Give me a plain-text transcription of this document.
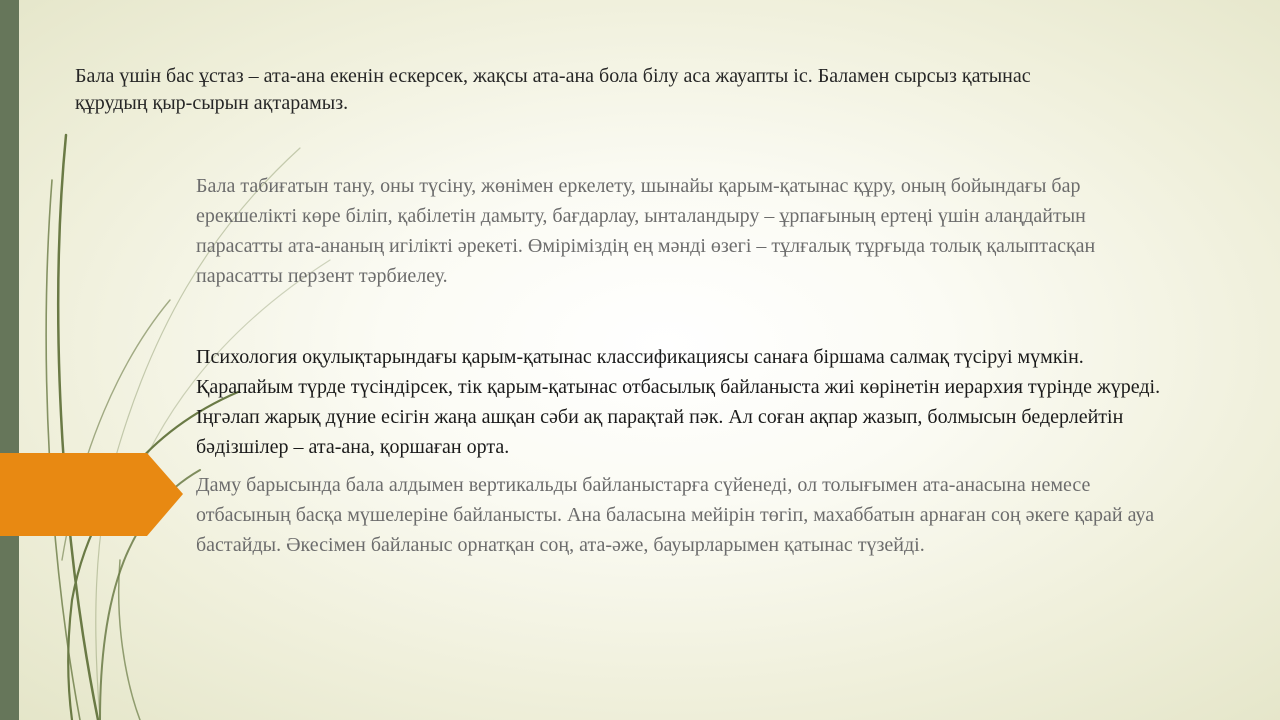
Бала үшін бас ұстаз – ата-ана екенін ескерсек, жақсы ата-ана бола білу аса жауапты іс. Баламен сырсыз қатынас құрудың қыр-сырын ақтарамыз.

Бала табиғатын тану, оны түсіну, жөнімен еркелету, шынайы қарым-қатынас құру, оның бойындағы бар ерекшелікті көре біліп, қабілетін дамыту, бағдарлау, ынталандыру – ұрпағының ертеңі үшін алаңдайтын парасатты ата-ананың игілікті әрекеті. Өміріміздің ең мәнді өзегі – тұлғалық тұрғыда толық қалыптасқан парасатты перзент тәрбиелеу.

Психология оқулықтарындағы қарым-қатынас классификациясы санаға біршама салмақ түсіруі мүмкін. Қарапайым түрде түсіндірсек, тік қарым-қатынас отбасылық байланыста жиі көрінетін иерархия түрінде жүреді. Іңгәлап жарық дүние есігін жаңа ашқан сәби ақ парақтай пәк. Ал соған ақпар жазып, болмысын бедерлейтін бәдізшілер – ата-ана, қоршаған орта.

Даму барысында бала алдымен вертикальды байланыстарға сүйенеді, ол толығымен ата-анасына немесе отбасының басқа мүшелеріне байланысты. Ана баласына мейірін төгіп, махаббатын арнаған соң әкеге қарай ауа бастайды. Әкесімен байланыс орнатқан соң, ата-әже, бауырларымен қатынас түзейді.
